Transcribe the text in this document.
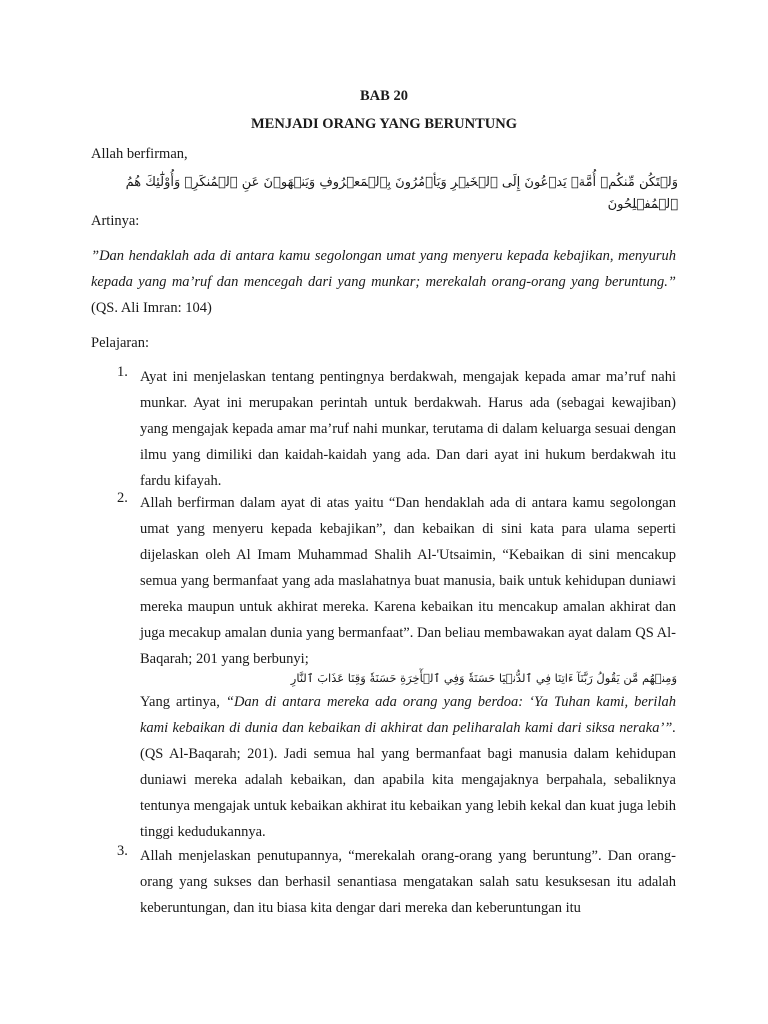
BAB 20
MENJADI ORANG YANG BERUNTUNG
Allah berfirman,
وَلۡتَكُن مِّنكُمۡ أُمَّةٞ يَدۡعُونَ إِلَى ٱلۡخَيۡرِ وَيَأۡمُرُونَ بِٱلۡمَعۡرُوفِ وَيَنۡهَوۡنَ عَنِ ٱلۡمُنكَرِۚ وَأُوْلَٰٓئِكَ هُمُ ٱلۡمُفۡلِحُونَ
Artinya:
”Dan hendaklah ada di antara kamu segolongan umat yang menyeru kepada kebajikan, menyuruh kepada yang ma’ruf dan mencegah dari yang munkar; merekalah orang-orang yang beruntung.” (QS. Ali Imran: 104)
Pelajaran:
1. Ayat ini menjelaskan tentang pentingnya berdakwah, mengajak kepada amar ma’ruf nahi munkar. Ayat ini merupakan perintah untuk berdakwah. Harus ada (sebagai kewajiban) yang mengajak kepada amar ma’ruf nahi munkar, terutama di dalam keluarga sesuai dengan ilmu yang dimiliki dan kaidah-kaidah yang ada. Dan dari ayat ini hukum berdakwah itu fardu kifayah.
2. Allah berfirman dalam ayat di atas yaitu “Dan hendaklah ada di antara kamu segolongan umat yang menyeru kepada kebajikan”, dan kebaikan di sini kata para ulama seperti dijelaskan oleh Al Imam Muhammad Shalih Al-'Utsaimin, “Kebaikan di sini mencakup semua yang bermanfaat yang ada maslahatnya buat manusia, baik untuk kehidupan duniawi mereka maupun untuk akhirat mereka. Karena kebaikan itu mencakup amalan akhirat dan juga mecakup amalan dunia yang bermanfaat”. Dan beliau membawakan ayat dalam QS Al-Baqarah; 201 yang berbunyi;
وَمِنۡهُم مَّن يَقُولُ رَبَّنَآ ءَاتِنَا فِي ٱلدُّنۡيَا حَسَنَةٗ وَفِي ٱلۡأٓخِرَةِ حَسَنَةٗ وَقِنَا عَذَابَ ٱلنَّارِ
Yang artinya, “Dan di antara mereka ada orang yang berdoa: ‘Ya Tuhan kami, berilah kami kebaikan di dunia dan kebaikan di akhirat dan peliharalah kami dari siksa neraka’”. (QS Al-Baqarah; 201). Jadi semua hal yang bermanfaat bagi manusia dalam kehidupan duniawi mereka adalah kebaikan, dan apabila kita mengajaknya berpahala, sebaliknya tentunya mengajak untuk kebaikan akhirat itu kebaikan yang lebih kekal dan kuat juga lebih tinggi kedudukannya.
3. Allah menjelaskan penutupannya, “merekalah orang-orang yang beruntung”. Dan orang-orang yang sukses dan berhasil senantiasa mengatakan salah satu kesuksesan itu adalah keberuntungan, dan itu biasa kita dengar dari mereka dan keberuntungan itu
